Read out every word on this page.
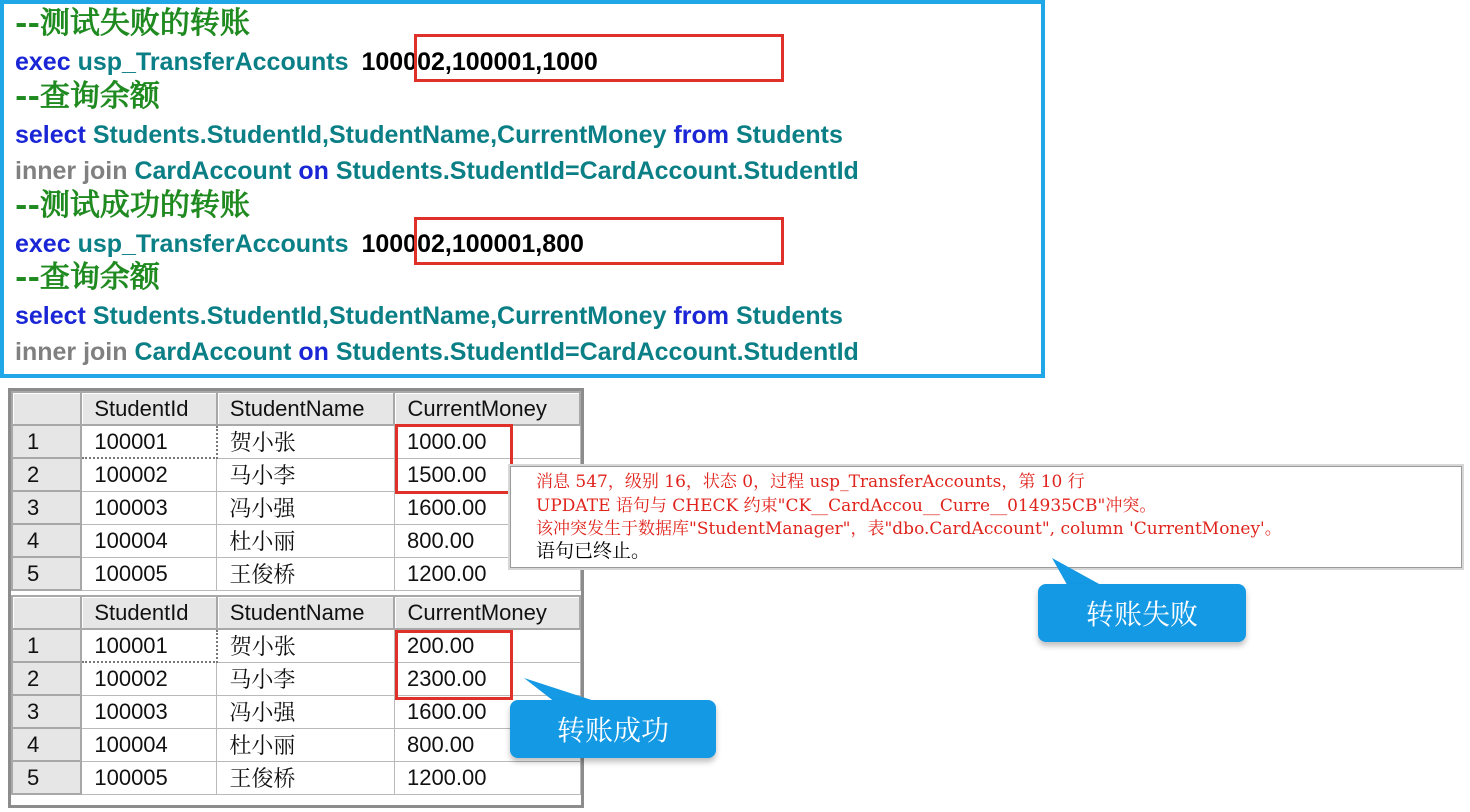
--测试失败的转账
exec usp_TransferAccounts 100002,100001,1000
--查询余额
select Students.StudentId,StudentName,CurrentMoney from Students
inner join CardAccount on Students.StudentId=CardAccount.StudentId
--测试成功的转账
exec usp_TransferAccounts 100002,100001,800
--查询余额
select Students.StudentId,StudentName,CurrentMoney from Students
inner join CardAccount on Students.StudentId=CardAccount.StudentId
	StudentId	StudentName	CurrentMoney
1	100001	贺小张	1000.00
2	100002	马小李	1500.00
3	100003	冯小强	1600.00
4	100004	杜小丽	800.00
5	100005	王俊桥	1200.00
	StudentId	StudentName	CurrentMoney
1	100001	贺小张	200.00
2	100002	马小李	2300.00
3	100003	冯小强	1600.00
4	100004	杜小丽	800.00
5	100005	王俊桥	1200.00
消息 547，级别 16，状态 0，过程 usp_TransferAccounts，第 10 行
UPDATE 语句与 CHECK 约束"CK__CardAccou__Curre__014935CB"冲突。
该冲突发生于数据库"StudentManager"，表"dbo.CardAccount", column 'CurrentMoney'。
语句已终止。
转账失败
转账成功
